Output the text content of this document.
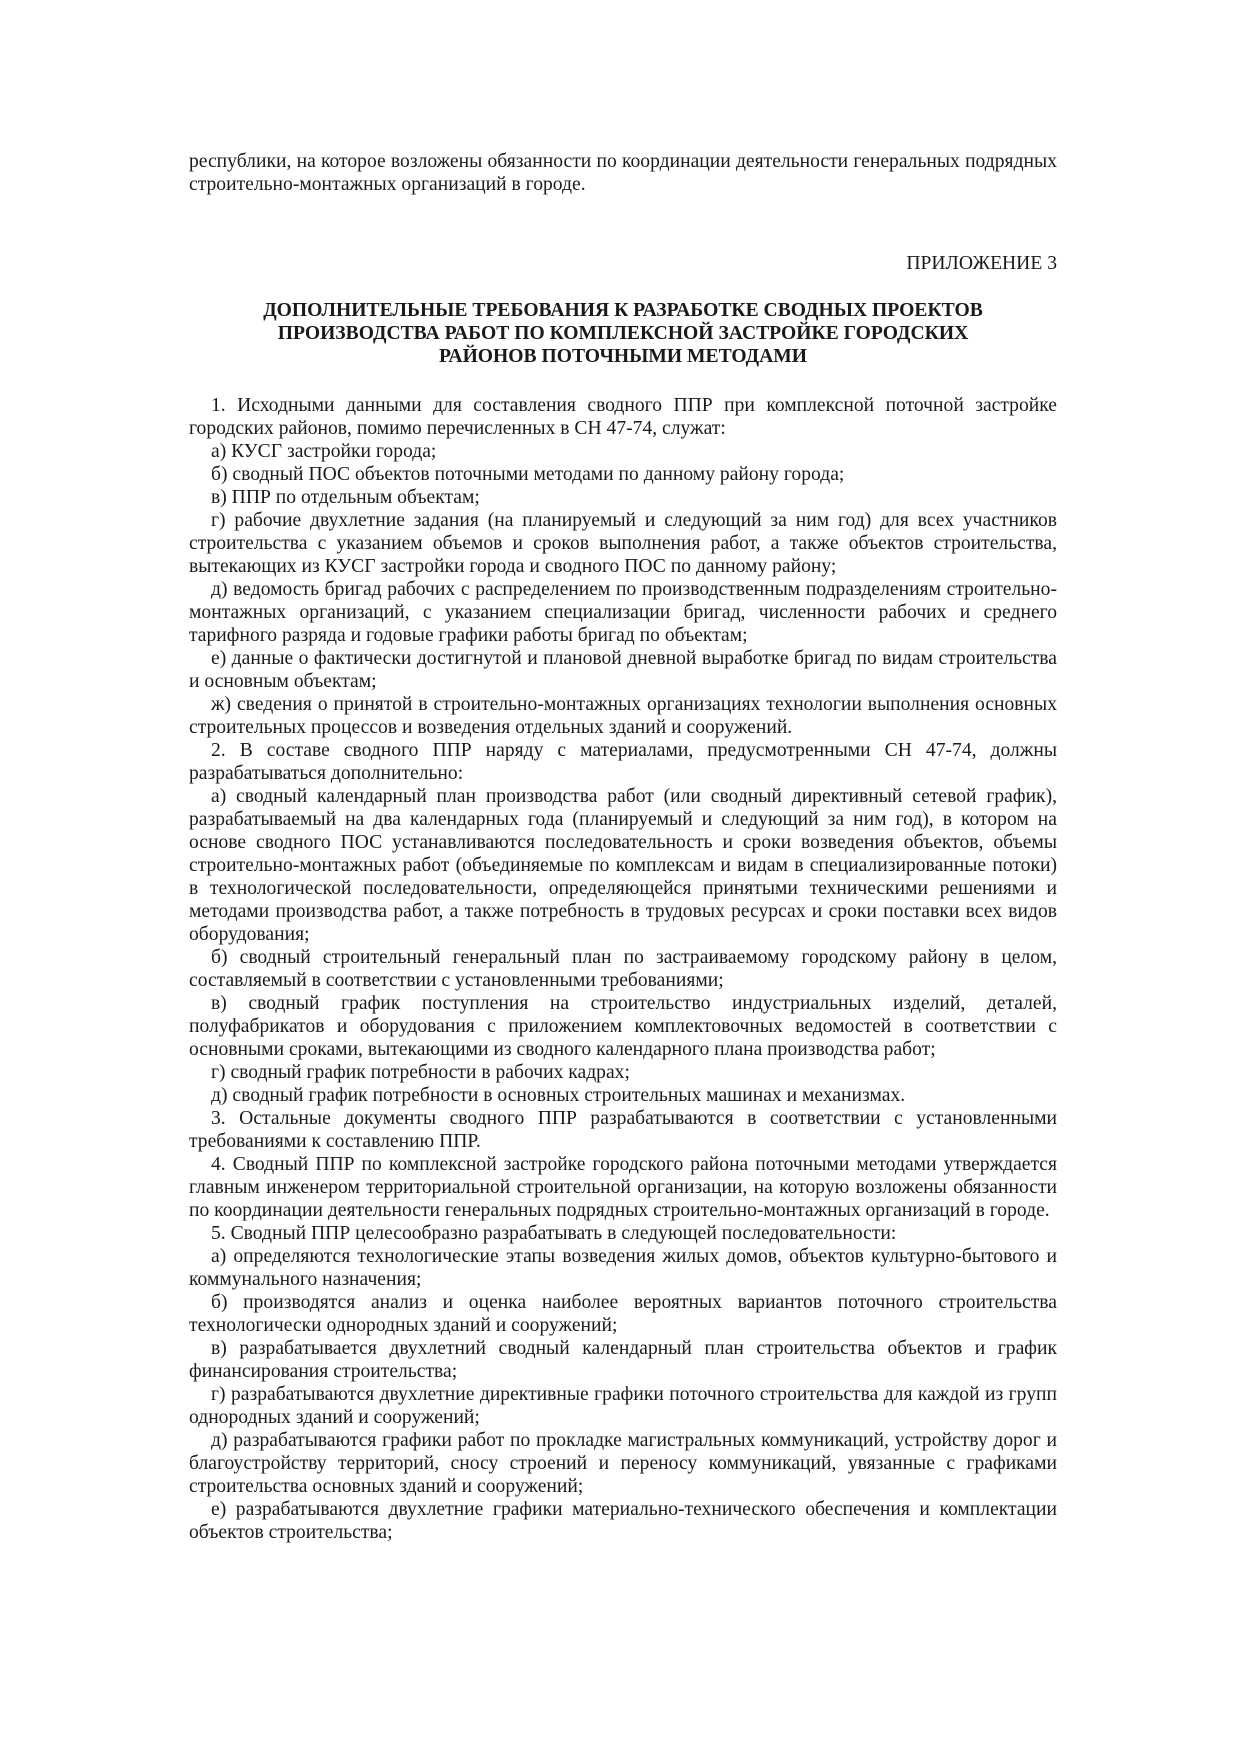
республики, на которое возложены обязанности по координации деятельности генеральных подрядных строительно-монтажных организаций в городе.

ПРИЛОЖЕНИЕ 3

ДОПОЛНИТЕЛЬНЫЕ ТРЕБОВАНИЯ К РАЗРАБОТКЕ СВОДНЫХ ПРОЕКТОВ ПРОИЗВОДСТВА РАБОТ ПО КОМПЛЕКСНОЙ ЗАСТРОЙКЕ ГОРОДСКИХ РАЙОНОВ ПОТОЧНЫМИ МЕТОДАМИ

1. Исходными данными для составления сводного ППР при комплексной поточной застройке городских районов, помимо перечисленных в СН 47-74, служат:

а) КУСГ застройки города;

б) сводный ПОС объектов поточными методами по данному району города;

в) ППР по отдельным объектам;

г) рабочие двухлетние задания (на планируемый и следующий за ним год) для всех участников строительства с указанием объемов и сроков выполнения работ, а также объектов строительства, вытекающих из КУСГ застройки города и сводного ПОС по данному району;

д) ведомость бригад рабочих с распределением по производственным подразделениям строительно-монтажных организаций, с указанием специализации бригад, численности рабочих и среднего тарифного разряда и годовые графики работы бригад по объектам;

е) данные о фактически достигнутой и плановой дневной выработке бригад по видам строительства и основным объектам;

ж) сведения о принятой в строительно-монтажных организациях технологии выполнения основных строительных процессов и возведения отдельных зданий и сооружений.

2. В составе сводного ППР наряду с материалами, предусмотренными СН 47-74, должны разрабатываться дополнительно:

а) сводный календарный план производства работ (или сводный директивный сетевой график), разрабатываемый на два календарных года (планируемый и следующий за ним год), в котором на основе сводного ПОС устанавливаются последовательность и сроки возведения объектов, объемы строительно-монтажных работ (объединяемые по комплексам и видам в специализированные потоки) в технологической последовательности, определяющейся принятыми техническими решениями и методами производства работ, а также потребность в трудовых ресурсах и сроки поставки всех видов оборудования;

б) сводный строительный генеральный план по застраиваемому городскому району в целом, составляемый в соответствии с установленными требованиями;

в) сводный график поступления на строительство индустриальных изделий, деталей, полуфабрикатов и оборудования с приложением комплектовочных ведомостей в соответствии с основными сроками, вытекающими из сводного календарного плана производства работ;

г) сводный график потребности в рабочих кадрах;

д) сводный график потребности в основных строительных машинах и механизмах.

3. Остальные документы сводного ППР разрабатываются в соответствии с установленными требованиями к составлению ППР.

4. Сводный ППР по комплексной застройке городского района поточными методами утверждается главным инженером территориальной строительной организации, на которую возложены обязанности по координации деятельности генеральных подрядных строительно-монтажных организаций в городе.

5. Сводный ППР целесообразно разрабатывать в следующей последовательности:

а) определяются технологические этапы возведения жилых домов, объектов культурно-бытового и коммунального назначения;

б) производятся анализ и оценка наиболее вероятных вариантов поточного строительства технологически однородных зданий и сооружений;

в) разрабатывается двухлетний сводный календарный план строительства объектов и график финансирования строительства;

г) разрабатываются двухлетние директивные графики поточного строительства для каждой из групп однородных зданий и сооружений;

д) разрабатываются графики работ по прокладке магистральных коммуникаций, устройству дорог и благоустройству территорий, сносу строений и переносу коммуникаций, увязанные с графиками строительства основных зданий и сооружений;

е) разрабатываются двухлетние графики материально-технического обеспечения и комплектации объектов строительства;
